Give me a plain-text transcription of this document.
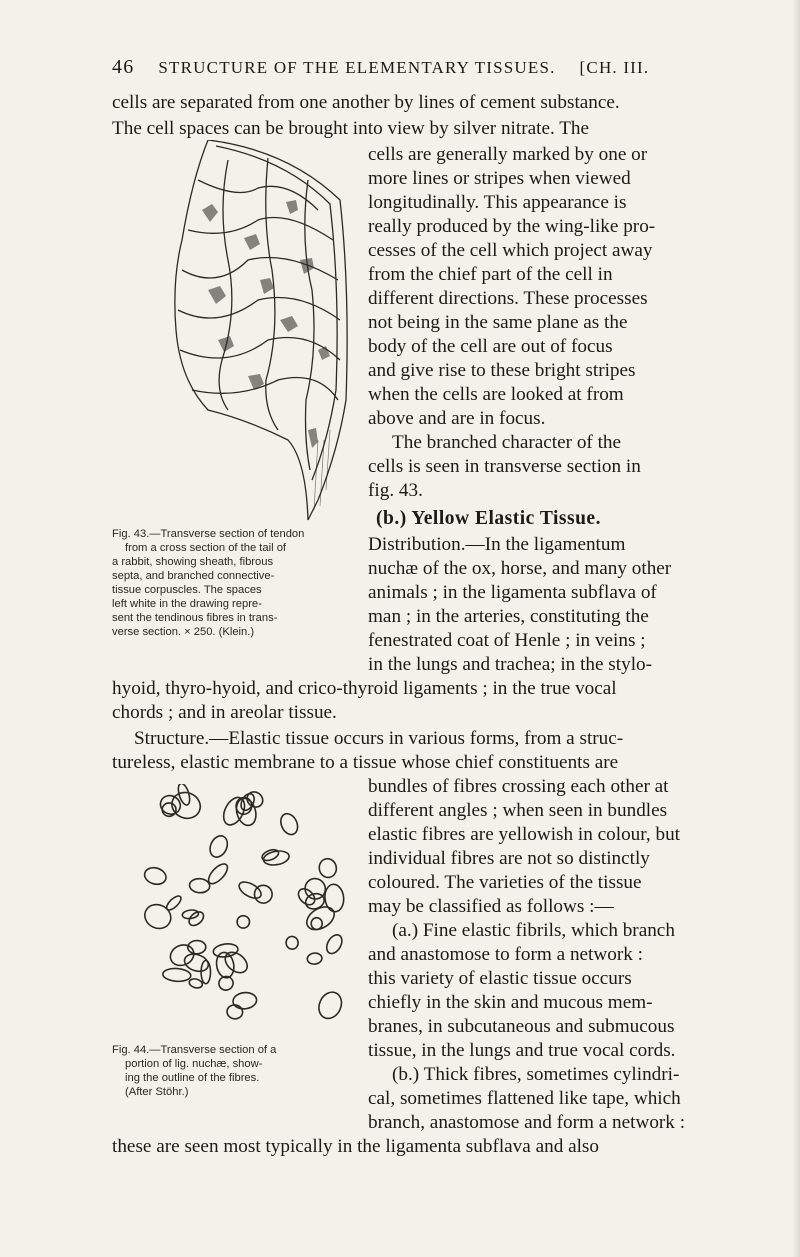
46 STRUCTURE OF THE ELEMENTARY TISSUES. [CH. III.
cells are separated from one another by lines of cement substance.
The cell spaces can be brought into view by silver nitrate. The
cells are generally marked by one or
more lines or stripes when viewed
longitudinally. This appearance is
really produced by the wing-like pro-
cesses of the cell which project away
from the chief part of the cell in
different directions. These processes
not being in the same plane as the
body of the cell are out of focus
and give rise to these bright stripes
when the cells are looked at from
above and are in focus.
The branched character of the
cells is seen in transverse section in
fig. 43.
(b.) Yellow Elastic Tissue.
Distribution.—In the ligamentum
nuchæ of the ox, horse, and many other
animals ; in the ligamenta subflava of
man ; in the arteries, constituting the
fenestrated coat of Henle ; in veins ;
in the lungs and trachea; in the stylo-
hyoid, thyro-hyoid, and crico-thyroid ligaments ; in the true vocal
chords ; and in areolar tissue.
Structure.—Elastic tissue occurs in various forms, from a struc-
tureless, elastic membrane to a tissue whose chief constituents are
bundles of fibres crossing each other at
different angles ; when seen in bundles
elastic fibres are yellowish in colour, but
individual fibres are not so distinctly
coloured. The varieties of the tissue
may be classified as follows :—
(a.) Fine elastic fibrils, which branch
and anastomose to form a network :
this variety of elastic tissue occurs
chiefly in the skin and mucous mem-
branes, in subcutaneous and submucous
tissue, in the lungs and true vocal cords.
(b.) Thick fibres, sometimes cylindri-
cal, sometimes flattened like tape, which
branch, anastomose and form a network :
these are seen most typically in the ligamenta subflava and also
Fig. 43.—Transverse section of tendon
from a cross section of the tail of
a rabbit, showing sheath, fibrous
septa, and branched connective-
tissue corpuscles. The spaces
left white in the drawing repre-
sent the tendinous fibres in trans-
verse section. × 250. (Klein.)
Fig. 44.—Transverse section of a
portion of lig. nuchæ, show-
ing the outline of the fibres.
(After Stöhr.)
